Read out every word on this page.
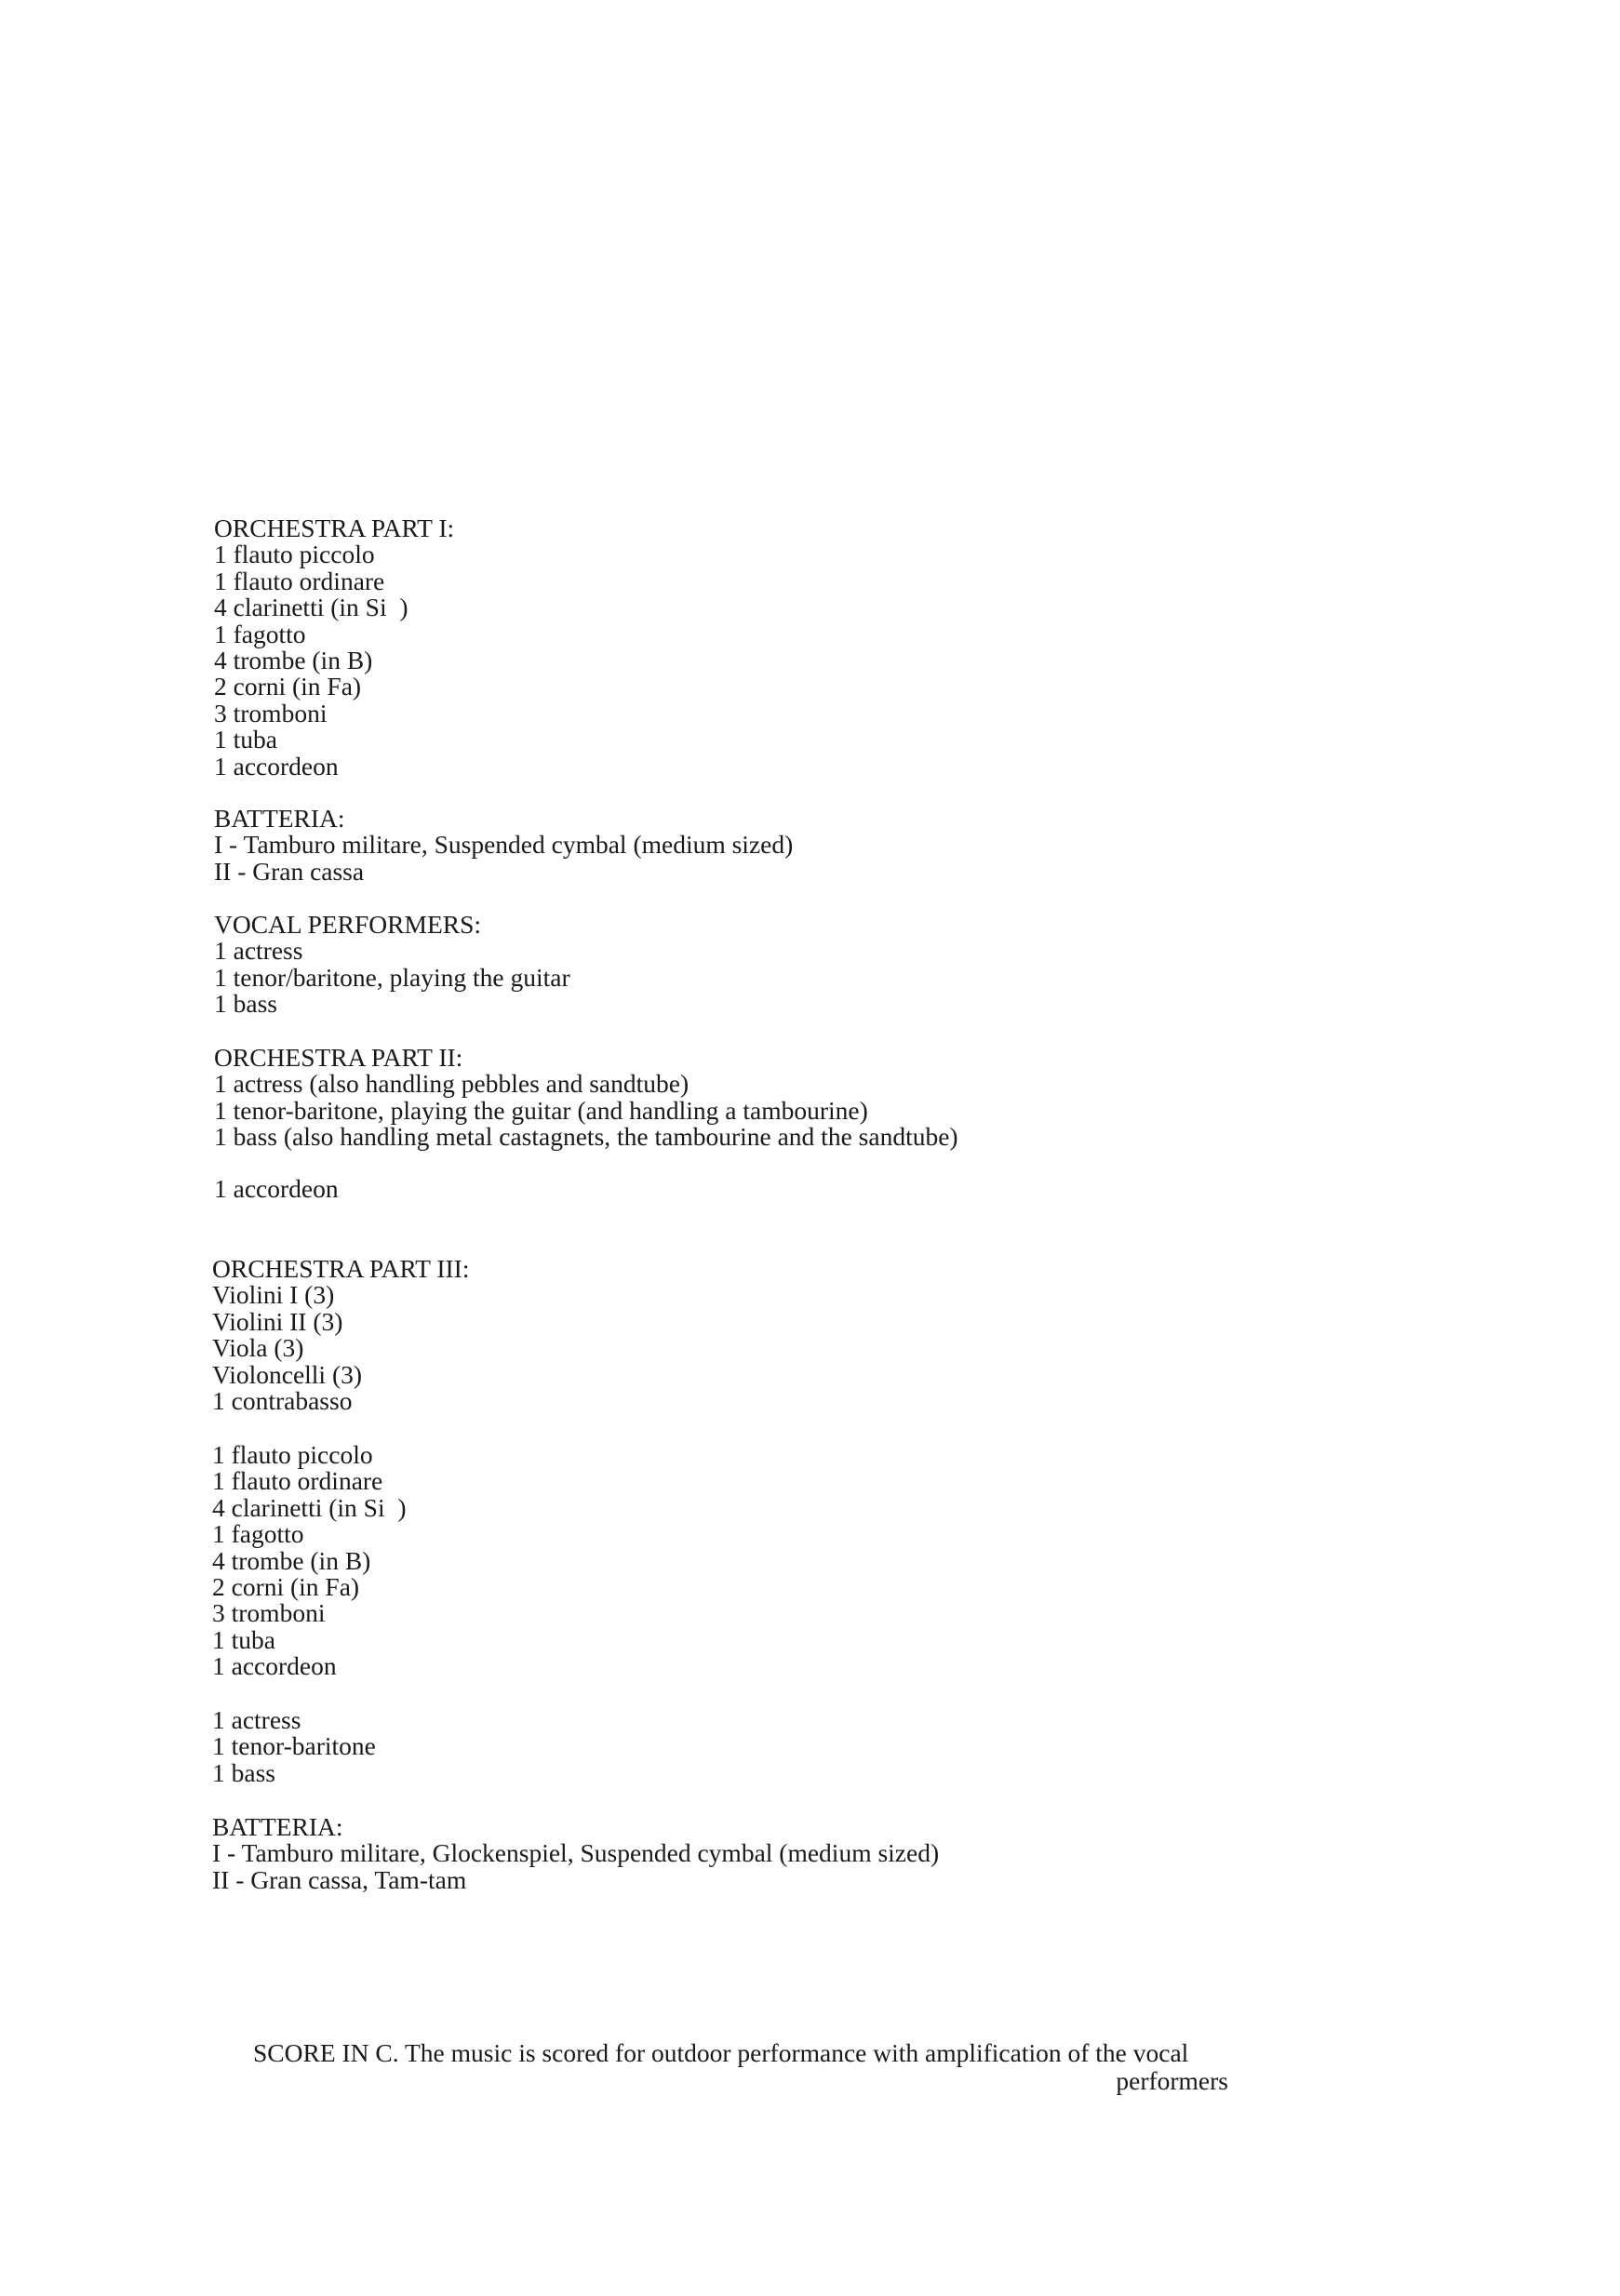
ORCHESTRA PART I:
1 flauto piccolo
1 flauto ordinare
4 clarinetti (in Si  )
1 fagotto
4 trombe (in B)
2 corni (in Fa)
3 tromboni
1 tuba
1 accordeon
BATTERIA:
I - Tamburo militare, Suspended cymbal (medium sized)
II - Gran cassa
VOCAL PERFORMERS:
1 actress
1 tenor/baritone, playing the guitar
1 bass
ORCHESTRA PART II:
1 actress (also handling pebbles and sandtube)
1 tenor-baritone, playing the guitar (and handling a tambourine)
1 bass (also handling metal castagnets, the tambourine and the sandtube)
1 accordeon
ORCHESTRA PART III:
Violini I (3)
Violini II (3)
Viola (3)
Violoncelli (3)
1 contrabasso
1 flauto piccolo
1 flauto ordinare
4 clarinetti (in Si  )
1 fagotto
4 trombe (in B)
2 corni (in Fa)
3 tromboni
1 tuba
1 accordeon
1 actress
1 tenor-baritone
1 bass
BATTERIA:
I - Tamburo militare, Glockenspiel, Suspended cymbal (medium sized)
II - Gran cassa, Tam-tam
SCORE IN C. The music is scored for outdoor performance with amplification of the vocal
performers
